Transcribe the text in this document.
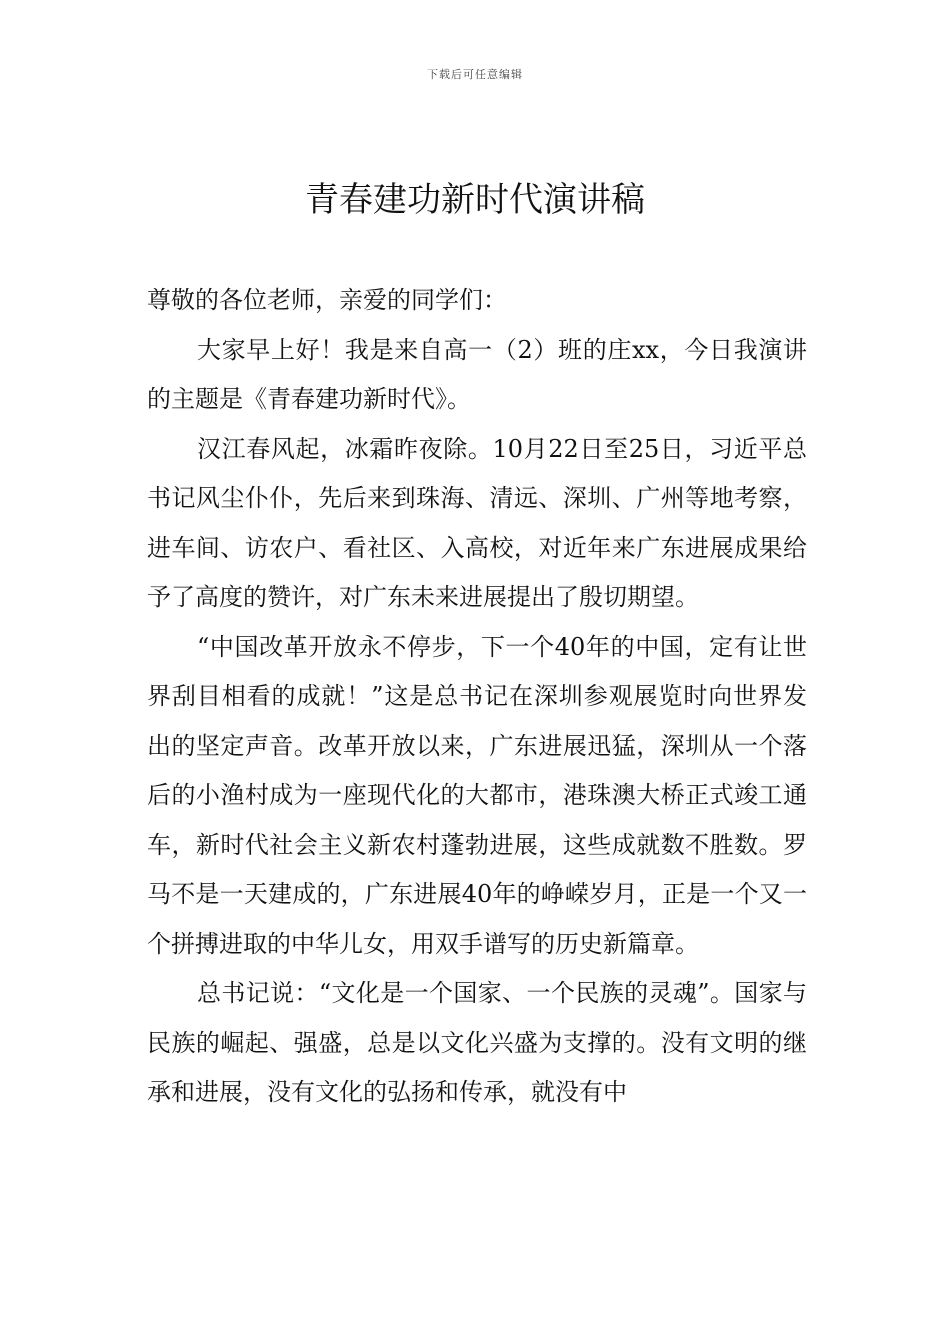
下载后可任意编辑
青春建功新时代演讲稿

尊敬的各位老师，亲爱的同学们：

大家早上好！我是来自高一（2）班的庄xx，今日我演讲的主题是《青春建功新时代》。

汉江春风起，冰霜昨夜除。10月22日至25日，习近平总书记风尘仆仆，先后来到珠海、清远、深圳、广州等地考察，进车间、访农户、看社区、入高校，对近年来广东进展成果给予了高度的赞许，对广东未来进展提出了殷切期望。

“中国改革开放永不停步，下一个40年的中国，定有让世界刮目相看的成就！”这是总书记在深圳参观展览时向世界发出的坚定声音。改革开放以来，广东进展迅猛，深圳从一个落后的小渔村成为一座现代化的大都市，港珠澳大桥正式竣工通车，新时代社会主义新农村蓬勃进展，这些成就数不胜数。罗马不是一天建成的，广东进展40年的峥嵘岁月，正是一个又一个拼搏进取的中华儿女，用双手谱写的历史新篇章。

总书记说：“文化是一个国家、一个民族的灵魂”。国家与民族的崛起、强盛，总是以文化兴盛为支撑的。没有文明的继承和进展，没有文化的弘扬和传承，就没有中
